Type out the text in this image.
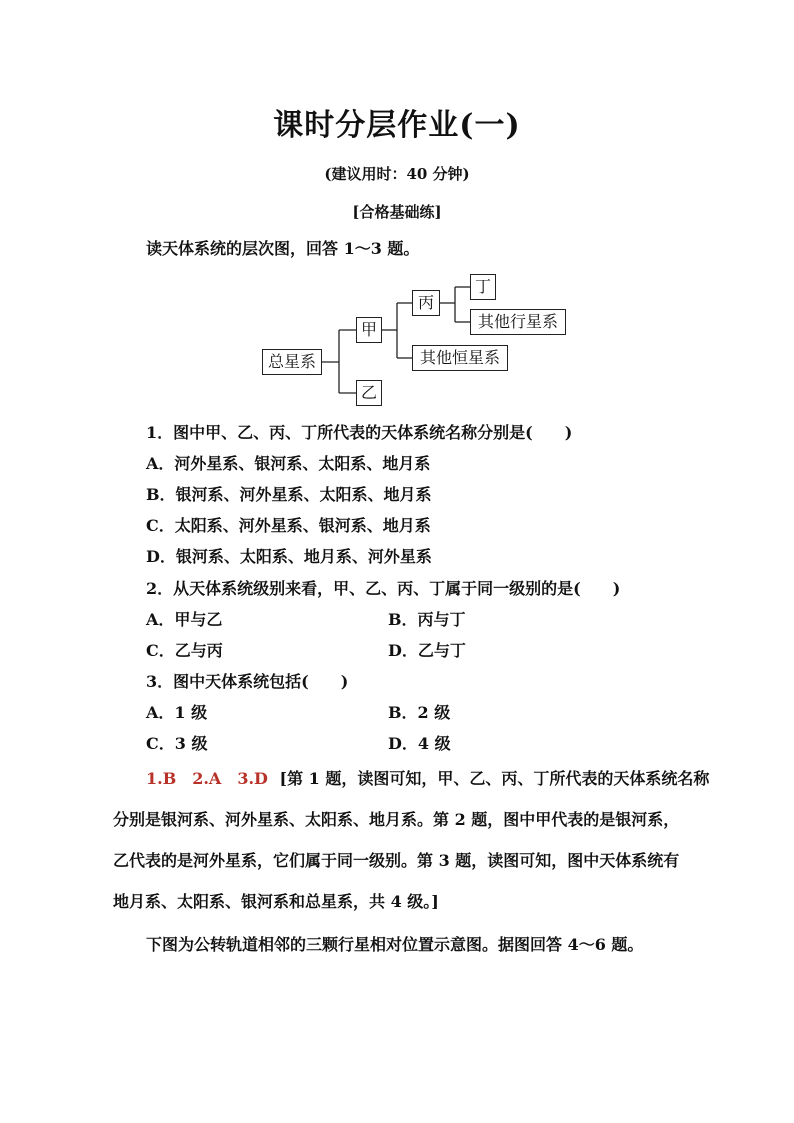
课时分层作业(一)
(建议用时：40 分钟)
[合格基础练]
读天体系统的层次图，回答 1～3 题。
总星系
甲
乙
丙
其他恒星系
丁
其他行星系
1．图中甲、乙、丙、丁所代表的天体系统名称分别是(　　)
A．河外星系、银河系、太阳系、地月系
B．银河系、河外星系、太阳系、地月系
C．太阳系、河外星系、银河系、地月系
D．银河系、太阳系、地月系、河外星系
2．从天体系统级别来看，甲、乙、丙、丁属于同一级别的是(　　)
A．甲与乙	B．丙与丁
C．乙与丙	D．乙与丁
3．图中天体系统包括(　　)
A．1 级	B．2 级
C．3 级	D．4 级
1.B　2.A　3.D [第 1 题，读图可知，甲、乙、丙、丁所代表的天体系统名称
分别是银河系、河外星系、太阳系、地月系。第 2 题，图中甲代表的是银河系，
乙代表的是河外星系，它们属于同一级别。第 3 题，读图可知，图中天体系统有
地月系、太阳系、银河系和总星系，共 4 级。]
下图为公转轨道相邻的三颗行星相对位置示意图。据图回答 4～6 题。
